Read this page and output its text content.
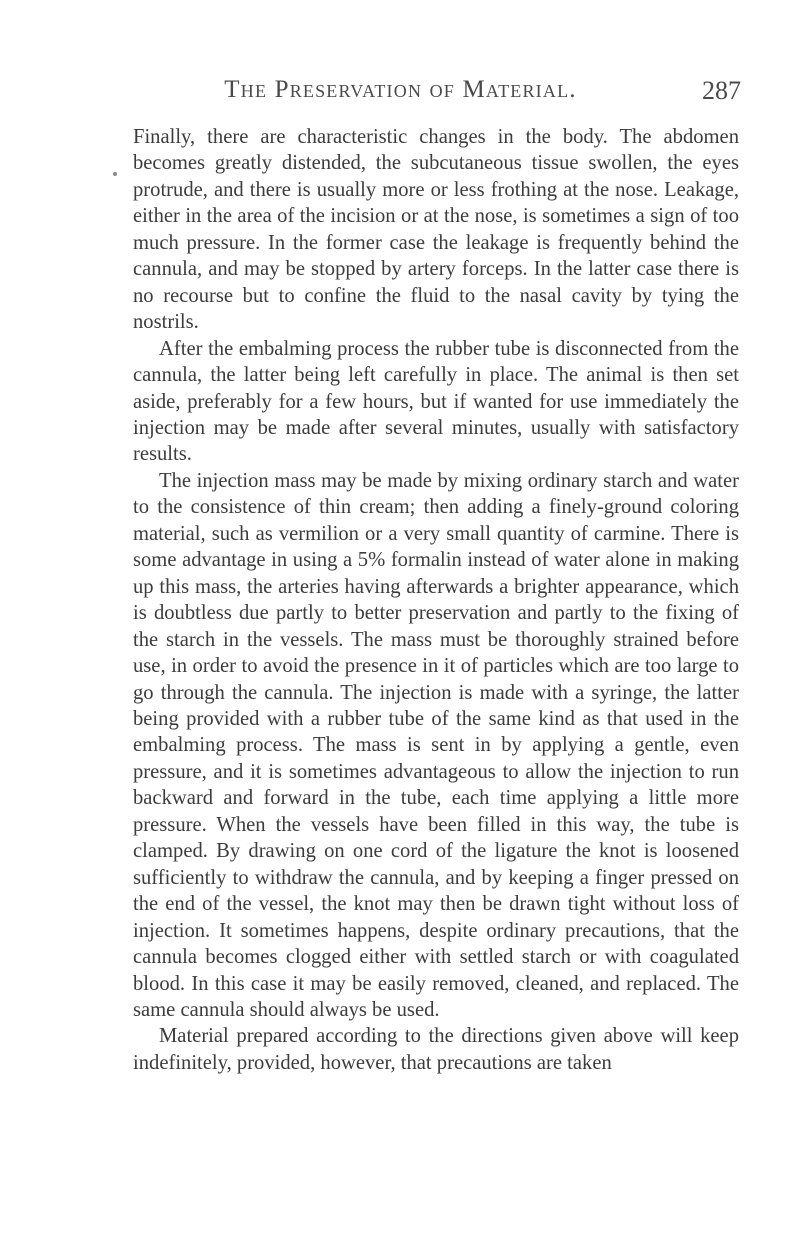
The Preservation of Material.	287

Finally, there are characteristic changes in the body. The abdomen becomes greatly distended, the subcutaneous tissue swollen, the eyes protrude, and there is usually more or less frothing at the nose. Leakage, either in the area of the incision or at the nose, is sometimes a sign of too much pressure. In the former case the leakage is frequently behind the cannula, and may be stopped by artery forceps. In the latter case there is no recourse but to confine the fluid to the nasal cavity by tying the nostrils.

After the embalming process the rubber tube is disconnected from the cannula, the latter being left carefully in place. The animal is then set aside, preferably for a few hours, but if wanted for use immediately the injection may be made after several minutes, usually with satisfactory results.

The injection mass may be made by mixing ordinary starch and water to the consistence of thin cream; then adding a finely-ground coloring material, such as vermilion or a very small quantity of carmine. There is some advantage in using a 5% formalin instead of water alone in making up this mass, the arteries having afterwards a brighter appearance, which is doubtless due partly to better preservation and partly to the fixing of the starch in the vessels. The mass must be thoroughly strained before use, in order to avoid the presence in it of particles which are too large to go through the cannula. The injection is made with a syringe, the latter being provided with a rubber tube of the same kind as that used in the embalming process. The mass is sent in by applying a gentle, even pressure, and it is sometimes advantageous to allow the injection to run backward and forward in the tube, each time applying a little more pressure. When the vessels have been filled in this way, the tube is clamped. By drawing on one cord of the ligature the knot is loosened sufficiently to withdraw the cannula, and by keeping a finger pressed on the end of the vessel, the knot may then be drawn tight without loss of injection. It sometimes happens, despite ordinary precautions, that the cannula becomes clogged either with settled starch or with coagulated blood. In this case it may be easily removed, cleaned, and replaced. The same cannula should always be used.

Material prepared according to the directions given above will keep indefinitely, provided, however, that precautions are taken
